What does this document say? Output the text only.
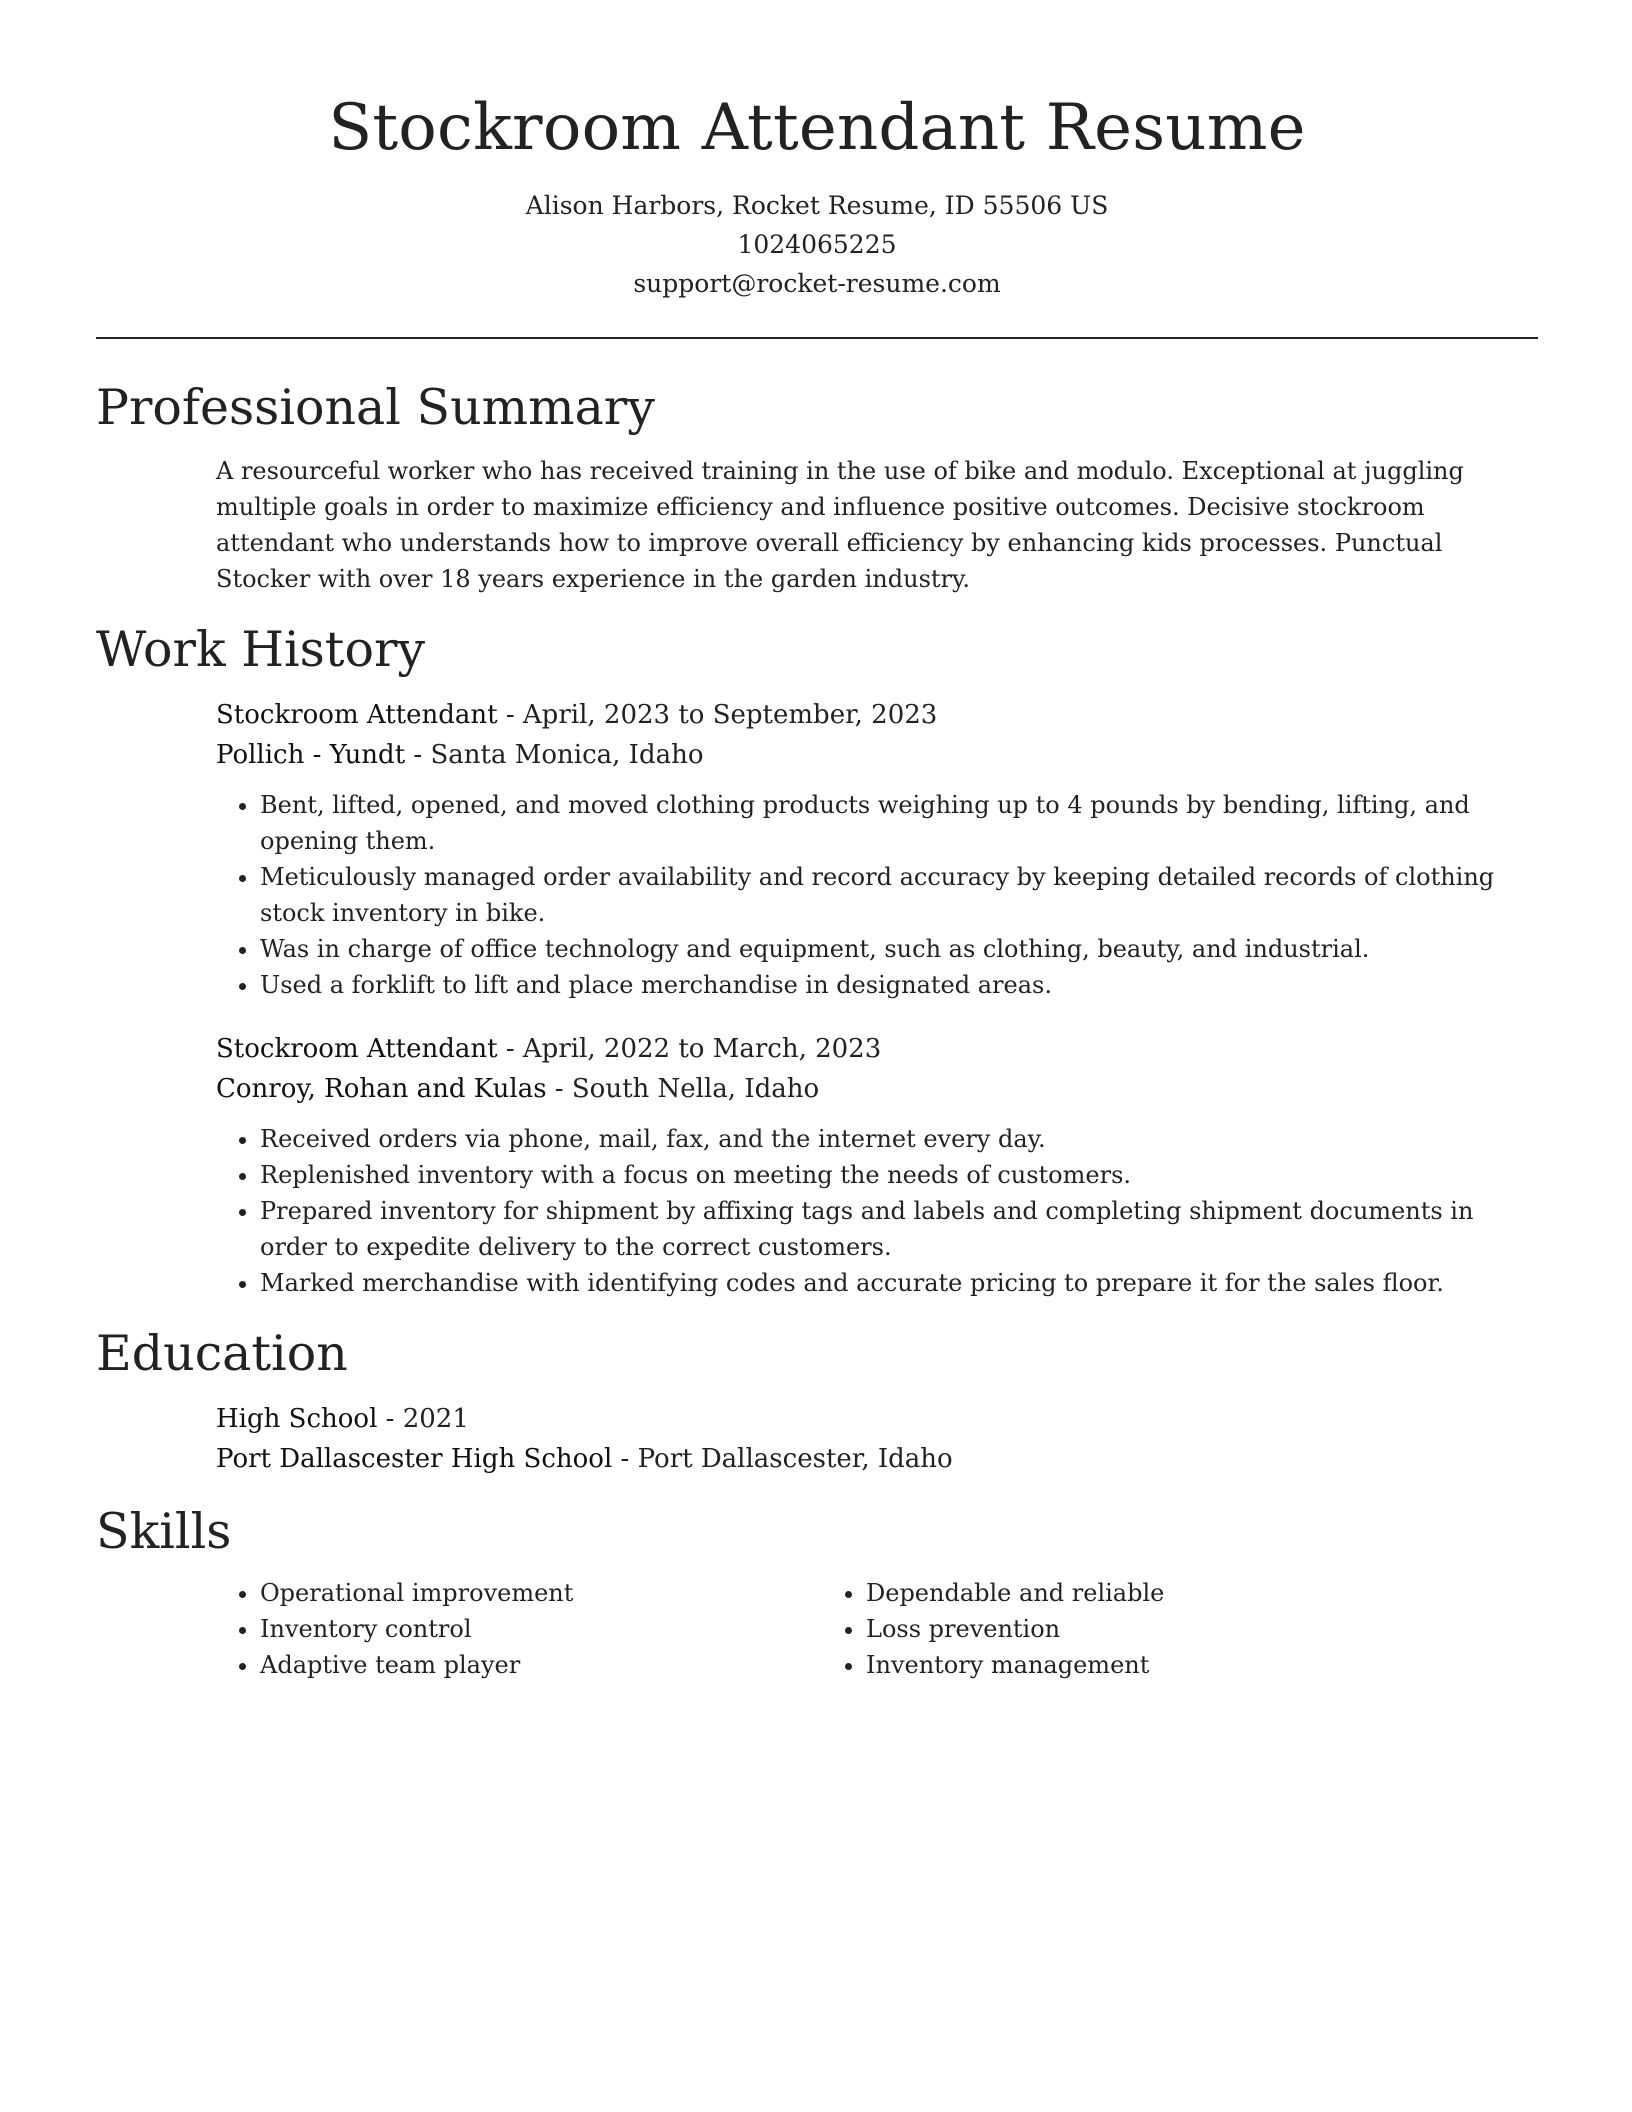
Stockroom Attendant Resume
Alison Harbors, Rocket Resume, ID 55506 US
1024065225
support@rocket-resume.com
Professional Summary
A resourceful worker who has received training in the use of bike and modulo. Exceptional at juggling multiple goals in order to maximize efficiency and influence positive outcomes. Decisive stockroom attendant who understands how to improve overall efficiency by enhancing kids processes. Punctual Stocker with over 18 years experience in the garden industry.
Work History
Stockroom Attendant - April, 2023 to September, 2023
Pollich - Yundt - Santa Monica, Idaho
• Bent, lifted, opened, and moved clothing products weighing up to 4 pounds by bending, lifting, and opening them.
• Meticulously managed order availability and record accuracy by keeping detailed records of clothing stock inventory in bike.
• Was in charge of office technology and equipment, such as clothing, beauty, and industrial.
• Used a forklift to lift and place merchandise in designated areas.
Stockroom Attendant - April, 2022 to March, 2023
Conroy, Rohan and Kulas - South Nella, Idaho
• Received orders via phone, mail, fax, and the internet every day.
• Replenished inventory with a focus on meeting the needs of customers.
• Prepared inventory for shipment by affixing tags and labels and completing shipment documents in order to expedite delivery to the correct customers.
• Marked merchandise with identifying codes and accurate pricing to prepare it for the sales floor.
Education
High School - 2021
Port Dallascester High School - Port Dallascester, Idaho
Skills
• Operational improvement
• Inventory control
• Adaptive team player
• Dependable and reliable
• Loss prevention
• Inventory management
